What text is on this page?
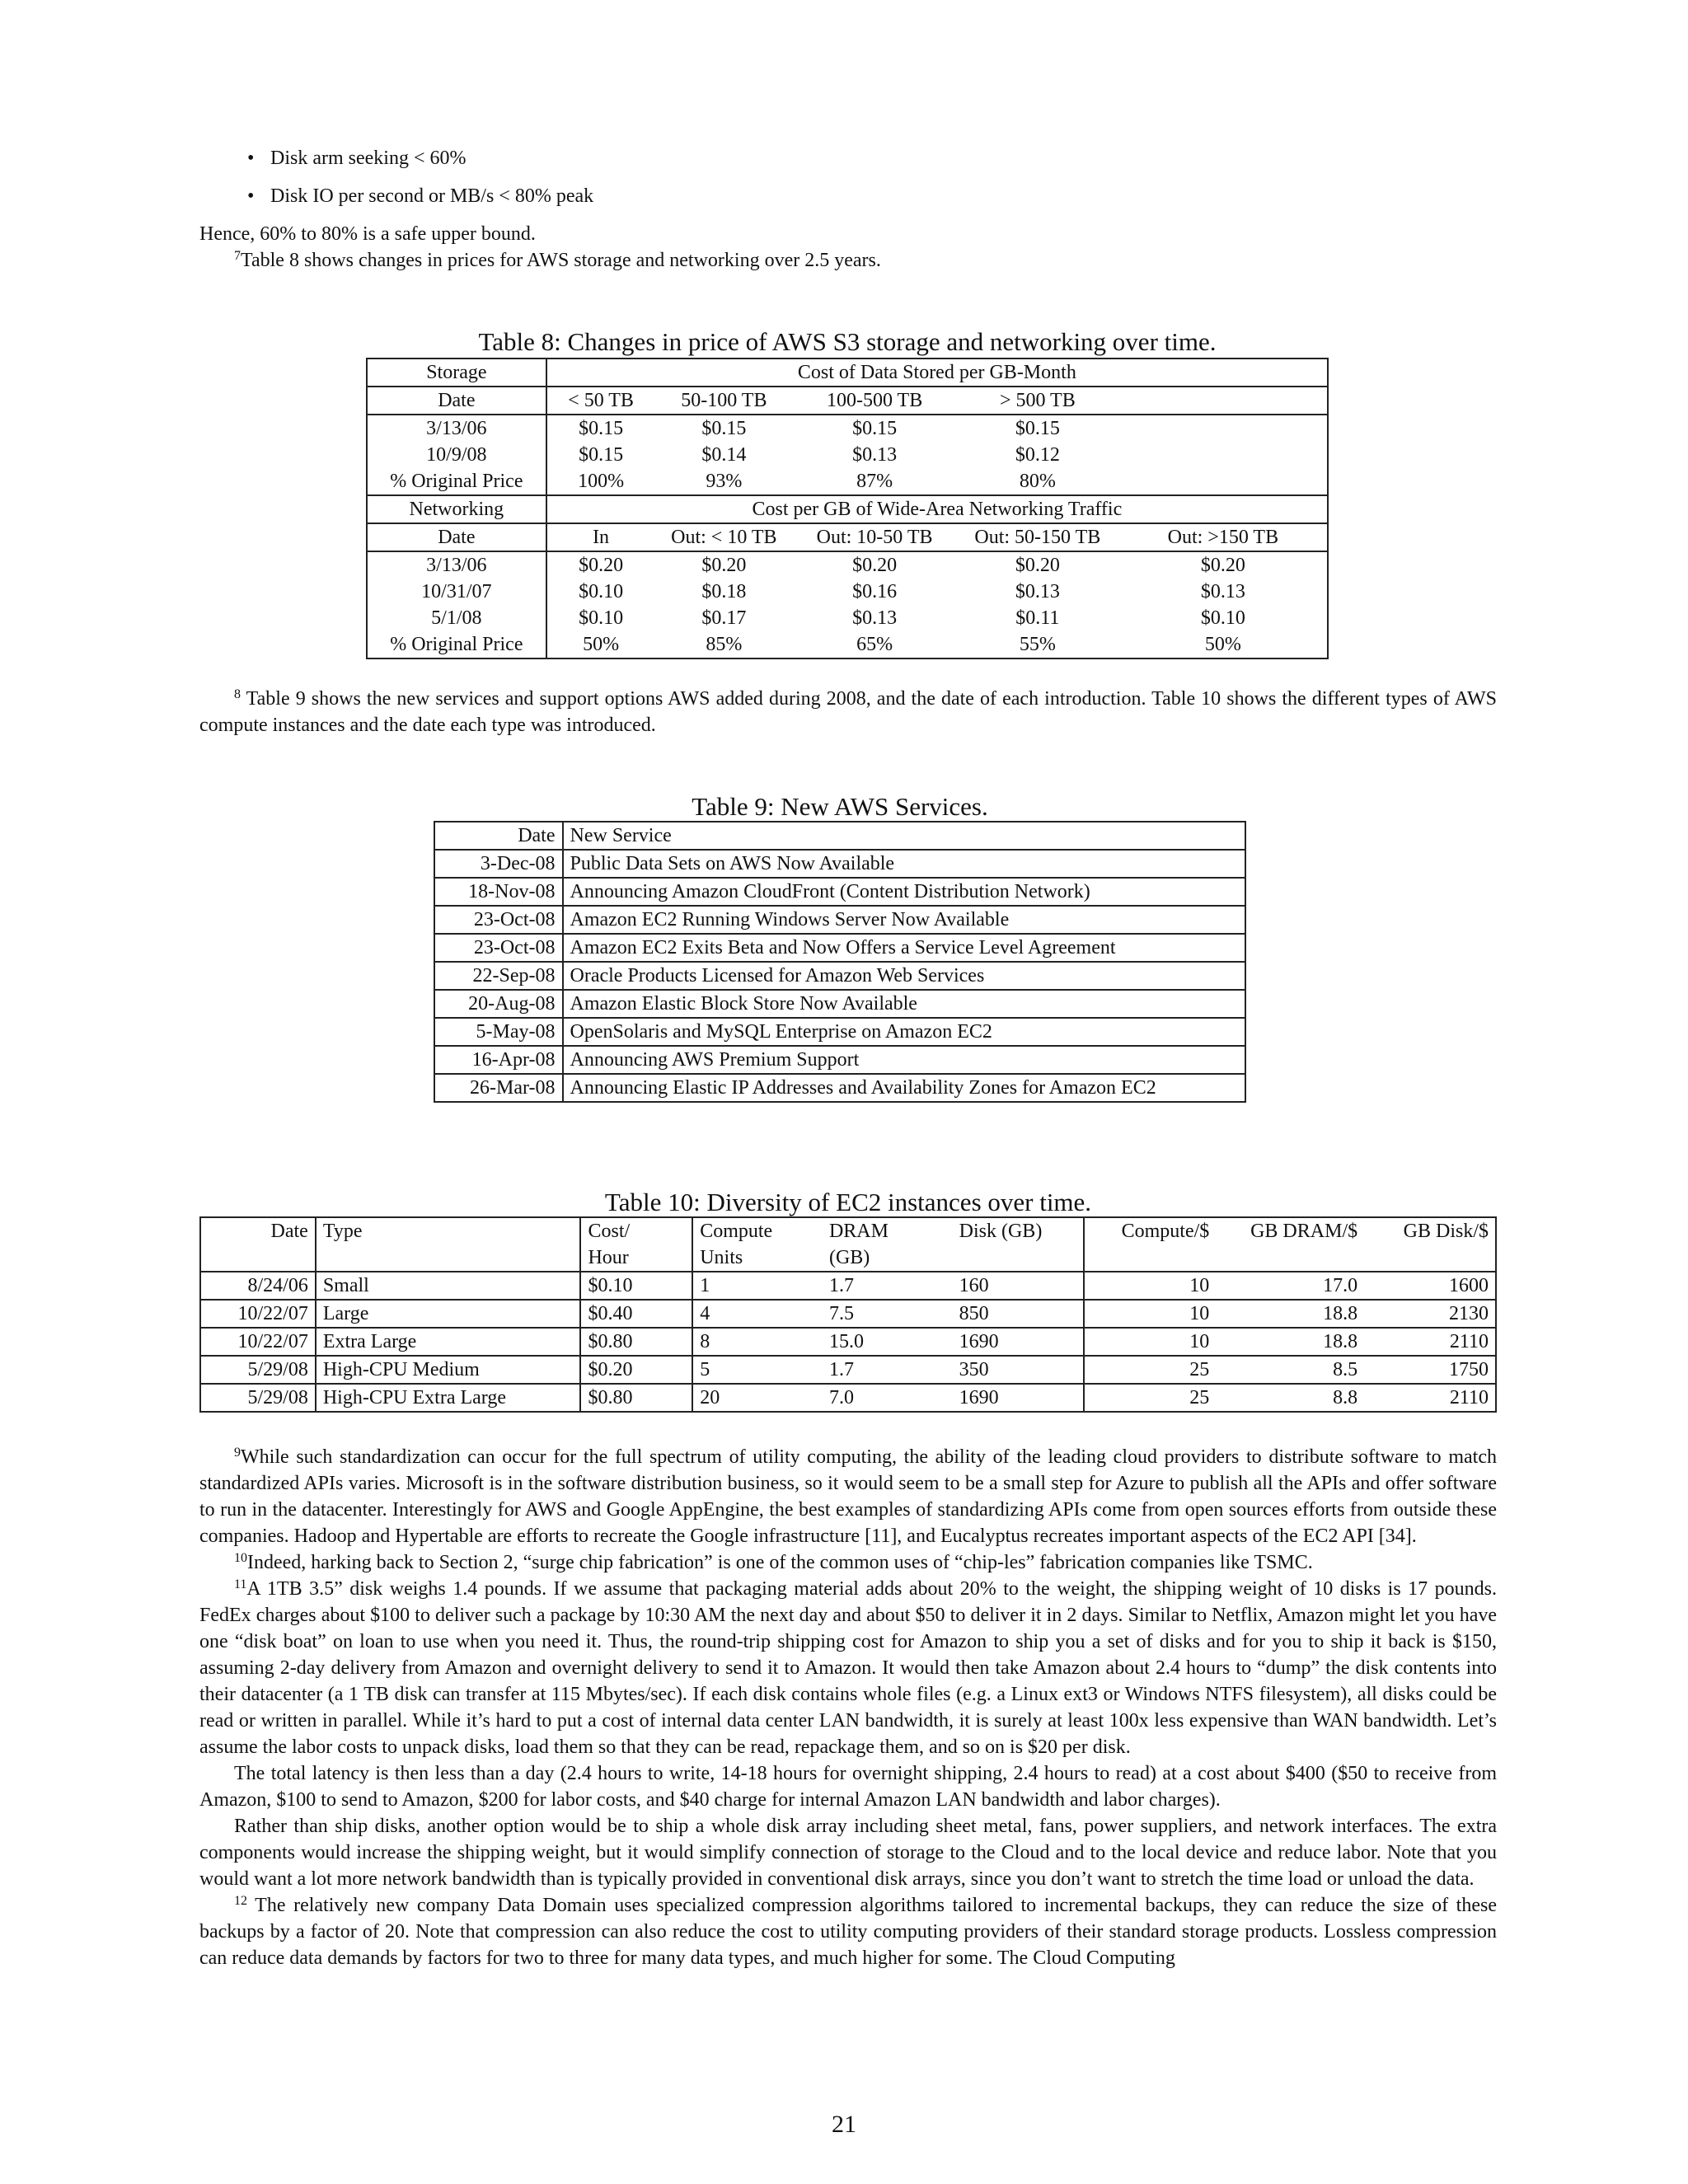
• Disk arm seeking < 60%
• Disk IO per second or MB/s < 80% peak

Hence, 60% to 80% is a safe upper bound.

$^7$Table 8 shows changes in prices for AWS storage and networking over 2.5 years.

Table 8: Changes in price of AWS S3 storage and networking over time.
Storage	Cost of Data Stored per GB-Month				
Date	< 50 TB	50-100 TB	100-500 TB	> 500 TB	
3/13/06	$0.15	$0.15	$0.15	$0.15	
10/9/08	$0.15	$0.14	$0.13	$0.12	
% Original Price	100%	93%	87%	80%	
Networking	Cost per GB of Wide-Area Networking Traffic				
Date	In	Out: < 10 TB	Out: 10-50 TB	Out: 50-150 TB	Out: >150 TB
3/13/06	$0.20	$0.20	$0.20	$0.20	$0.20
10/31/07	$0.10	$0.18	$0.16	$0.13	$0.13
5/1/08	$0.10	$0.17	$0.13	$0.11	$0.10
% Original Price	50%	85%	65%	55%	50%

$^8$ Table 9 shows the new services and support options AWS added during 2008, and the date of each introduction. Table 10 shows the different types of AWS compute instances and the date each type was introduced.

Table 9: New AWS Services.
Date	New Service
3-Dec-08	Public Data Sets on AWS Now Available
18-Nov-08	Announcing Amazon CloudFront (Content Distribution Network)
23-Oct-08	Amazon EC2 Running Windows Server Now Available
23-Oct-08	Amazon EC2 Exits Beta and Now Offers a Service Level Agreement
22-Sep-08	Oracle Products Licensed for Amazon Web Services
20-Aug-08	Amazon Elastic Block Store Now Available
5-May-08	OpenSolaris and MySQL Enterprise on Amazon EC2
16-Apr-08	Announcing AWS Premium Support
26-Mar-08	Announcing Elastic IP Addresses and Availability Zones for Amazon EC2
Table 10: Diversity of EC2 instances over time.
Date	Type	Cost/	Compute	DRAM	Disk (GB)	Compute/$	GB DRAM/$	GB Disk/$
		Hour	Units	(GB)				
8/24/06	Small	$0.10	1	1.7	160	10	17.0	1600
10/22/07	Large	$0.40	4	7.5	850	10	18.8	2130
10/22/07	Extra Large	$0.80	8	15.0	1690	10	18.8	2110
5/29/08	High-CPU Medium	$0.20	5	1.7	350	25	8.5	1750
5/29/08	High-CPU Extra Large	$0.80	20	7.0	1690	25	8.8	2110

$^9$While such standardization can occur for the full spectrum of utility computing, the ability of the leading cloud providers to distribute software to match standardized APIs varies. Microsoft is in the software distribution business, so it would seem to be a small step for Azure to publish all the APIs and offer software to run in the datacenter. Interestingly for AWS and Google AppEngine, the best examples of standardizing APIs come from open sources efforts from outside these companies. Hadoop and Hypertable are efforts to recreate the Google infrastructure [11], and Eucalyptus recreates important aspects of the EC2 API [34].

$^{10}$Indeed, harking back to Section 2, “surge chip fabrication” is one of the common uses of “chip-les” fabrication companies like TSMC.

$^{11}$A 1TB 3.5” disk weighs 1.4 pounds. If we assume that packaging material adds about 20% to the weight, the shipping weight of 10 disks is 17 pounds. FedEx charges about $100 to deliver such a package by 10:30 AM the next day and about $50 to deliver it in 2 days. Similar to Netflix, Amazon might let you have one “disk boat” on loan to use when you need it. Thus, the round-trip shipping cost for Amazon to ship you a set of disks and for you to ship it back is $150, assuming 2-day delivery from Amazon and overnight delivery to send it to Amazon. It would then take Amazon about 2.4 hours to “dump” the disk contents into their datacenter (a 1 TB disk can transfer at 115 Mbytes/sec). If each disk contains whole files (e.g. a Linux ext3 or Windows NTFS filesystem), all disks could be read or written in parallel. While it’s hard to put a cost of internal data center LAN bandwidth, it is surely at least 100x less expensive than WAN bandwidth. Let’s assume the labor costs to unpack disks, load them so that they can be read, repackage them, and so on is $20 per disk.

The total latency is then less than a day (2.4 hours to write, 14-18 hours for overnight shipping, 2.4 hours to read) at a cost about $400 ($50 to receive from Amazon, $100 to send to Amazon, $200 for labor costs, and $40 charge for internal Amazon LAN bandwidth and labor charges).

Rather than ship disks, another option would be to ship a whole disk array including sheet metal, fans, power suppliers, and network interfaces. The extra components would increase the shipping weight, but it would simplify connection of storage to the Cloud and to the local device and reduce labor. Note that you would want a lot more network bandwidth than is typically provided in conventional disk arrays, since you don’t want to stretch the time load or unload the data.

$^{12}$ The relatively new company Data Domain uses specialized compression algorithms tailored to incremental backups, they can reduce the size of these backups by a factor of 20. Note that compression can also reduce the cost to utility computing providers of their standard storage products. Lossless compression can reduce data demands by factors for two to three for many data types, and much higher for some. The Cloud Computing

21
